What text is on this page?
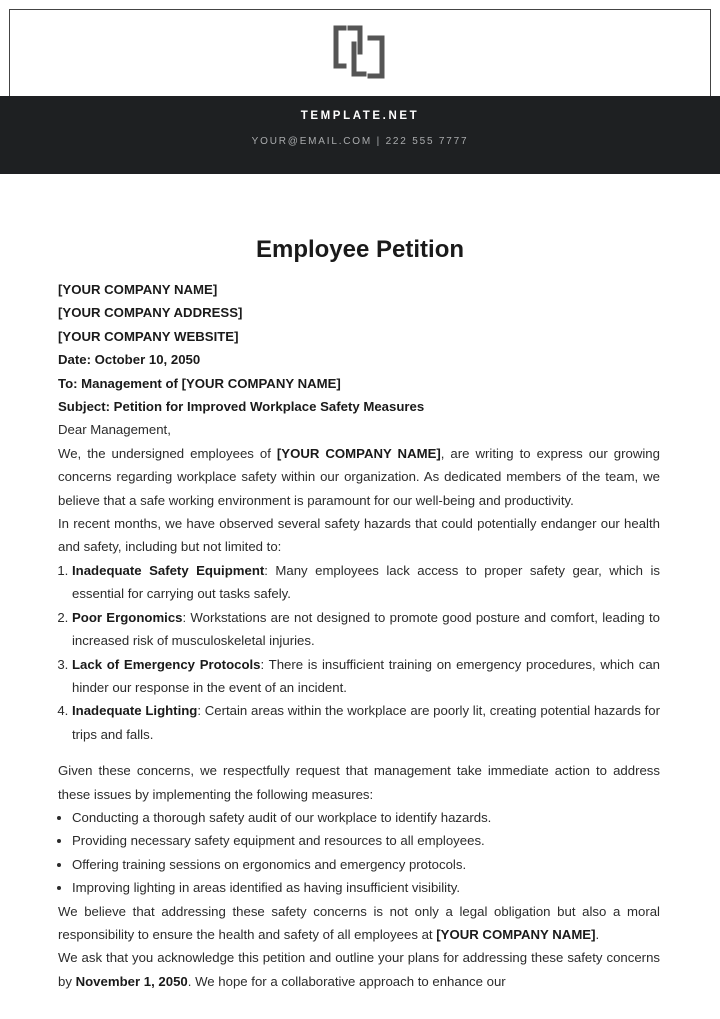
TEMPLATE.NET
YOUR@EMAIL.COM | 222 555 7777
Employee Petition

[YOUR COMPANY NAME]

[YOUR COMPANY ADDRESS]

[YOUR COMPANY WEBSITE]

Date: October 10, 2050

To: Management of [YOUR COMPANY NAME]

Subject: Petition for Improved Workplace Safety Measures

Dear Management,

We, the undersigned employees of [YOUR COMPANY NAME], are writing to express our growing concerns regarding workplace safety within our organization. As dedicated members of the team, we believe that a safe working environment is paramount for our well-being and productivity.

In recent months, we have observed several safety hazards that could potentially endanger our health and safety, including but not limited to:

1. Inadequate Safety Equipment: Many employees lack access to proper safety gear, which is essential for carrying out tasks safely.
2. Poor Ergonomics: Workstations are not designed to promote good posture and comfort, leading to increased risk of musculoskeletal injuries.
3. Lack of Emergency Protocols: There is insufficient training on emergency procedures, which can hinder our response in the event of an incident.
4. Inadequate Lighting: Certain areas within the workplace are poorly lit, creating potential hazards for trips and falls.

Given these concerns, we respectfully request that management take immediate action to address these issues by implementing the following measures:

• Conducting a thorough safety audit of our workplace to identify hazards.
• Providing necessary safety equipment and resources to all employees.
• Offering training sessions on ergonomics and emergency protocols.
• Improving lighting in areas identified as having insufficient visibility.

We believe that addressing these safety concerns is not only a legal obligation but also a moral responsibility to ensure the health and safety of all employees at [YOUR COMPANY NAME].

We ask that you acknowledge this petition and outline your plans for addressing these safety concerns by November 1, 2050. We hope for a collaborative approach to enhance our
